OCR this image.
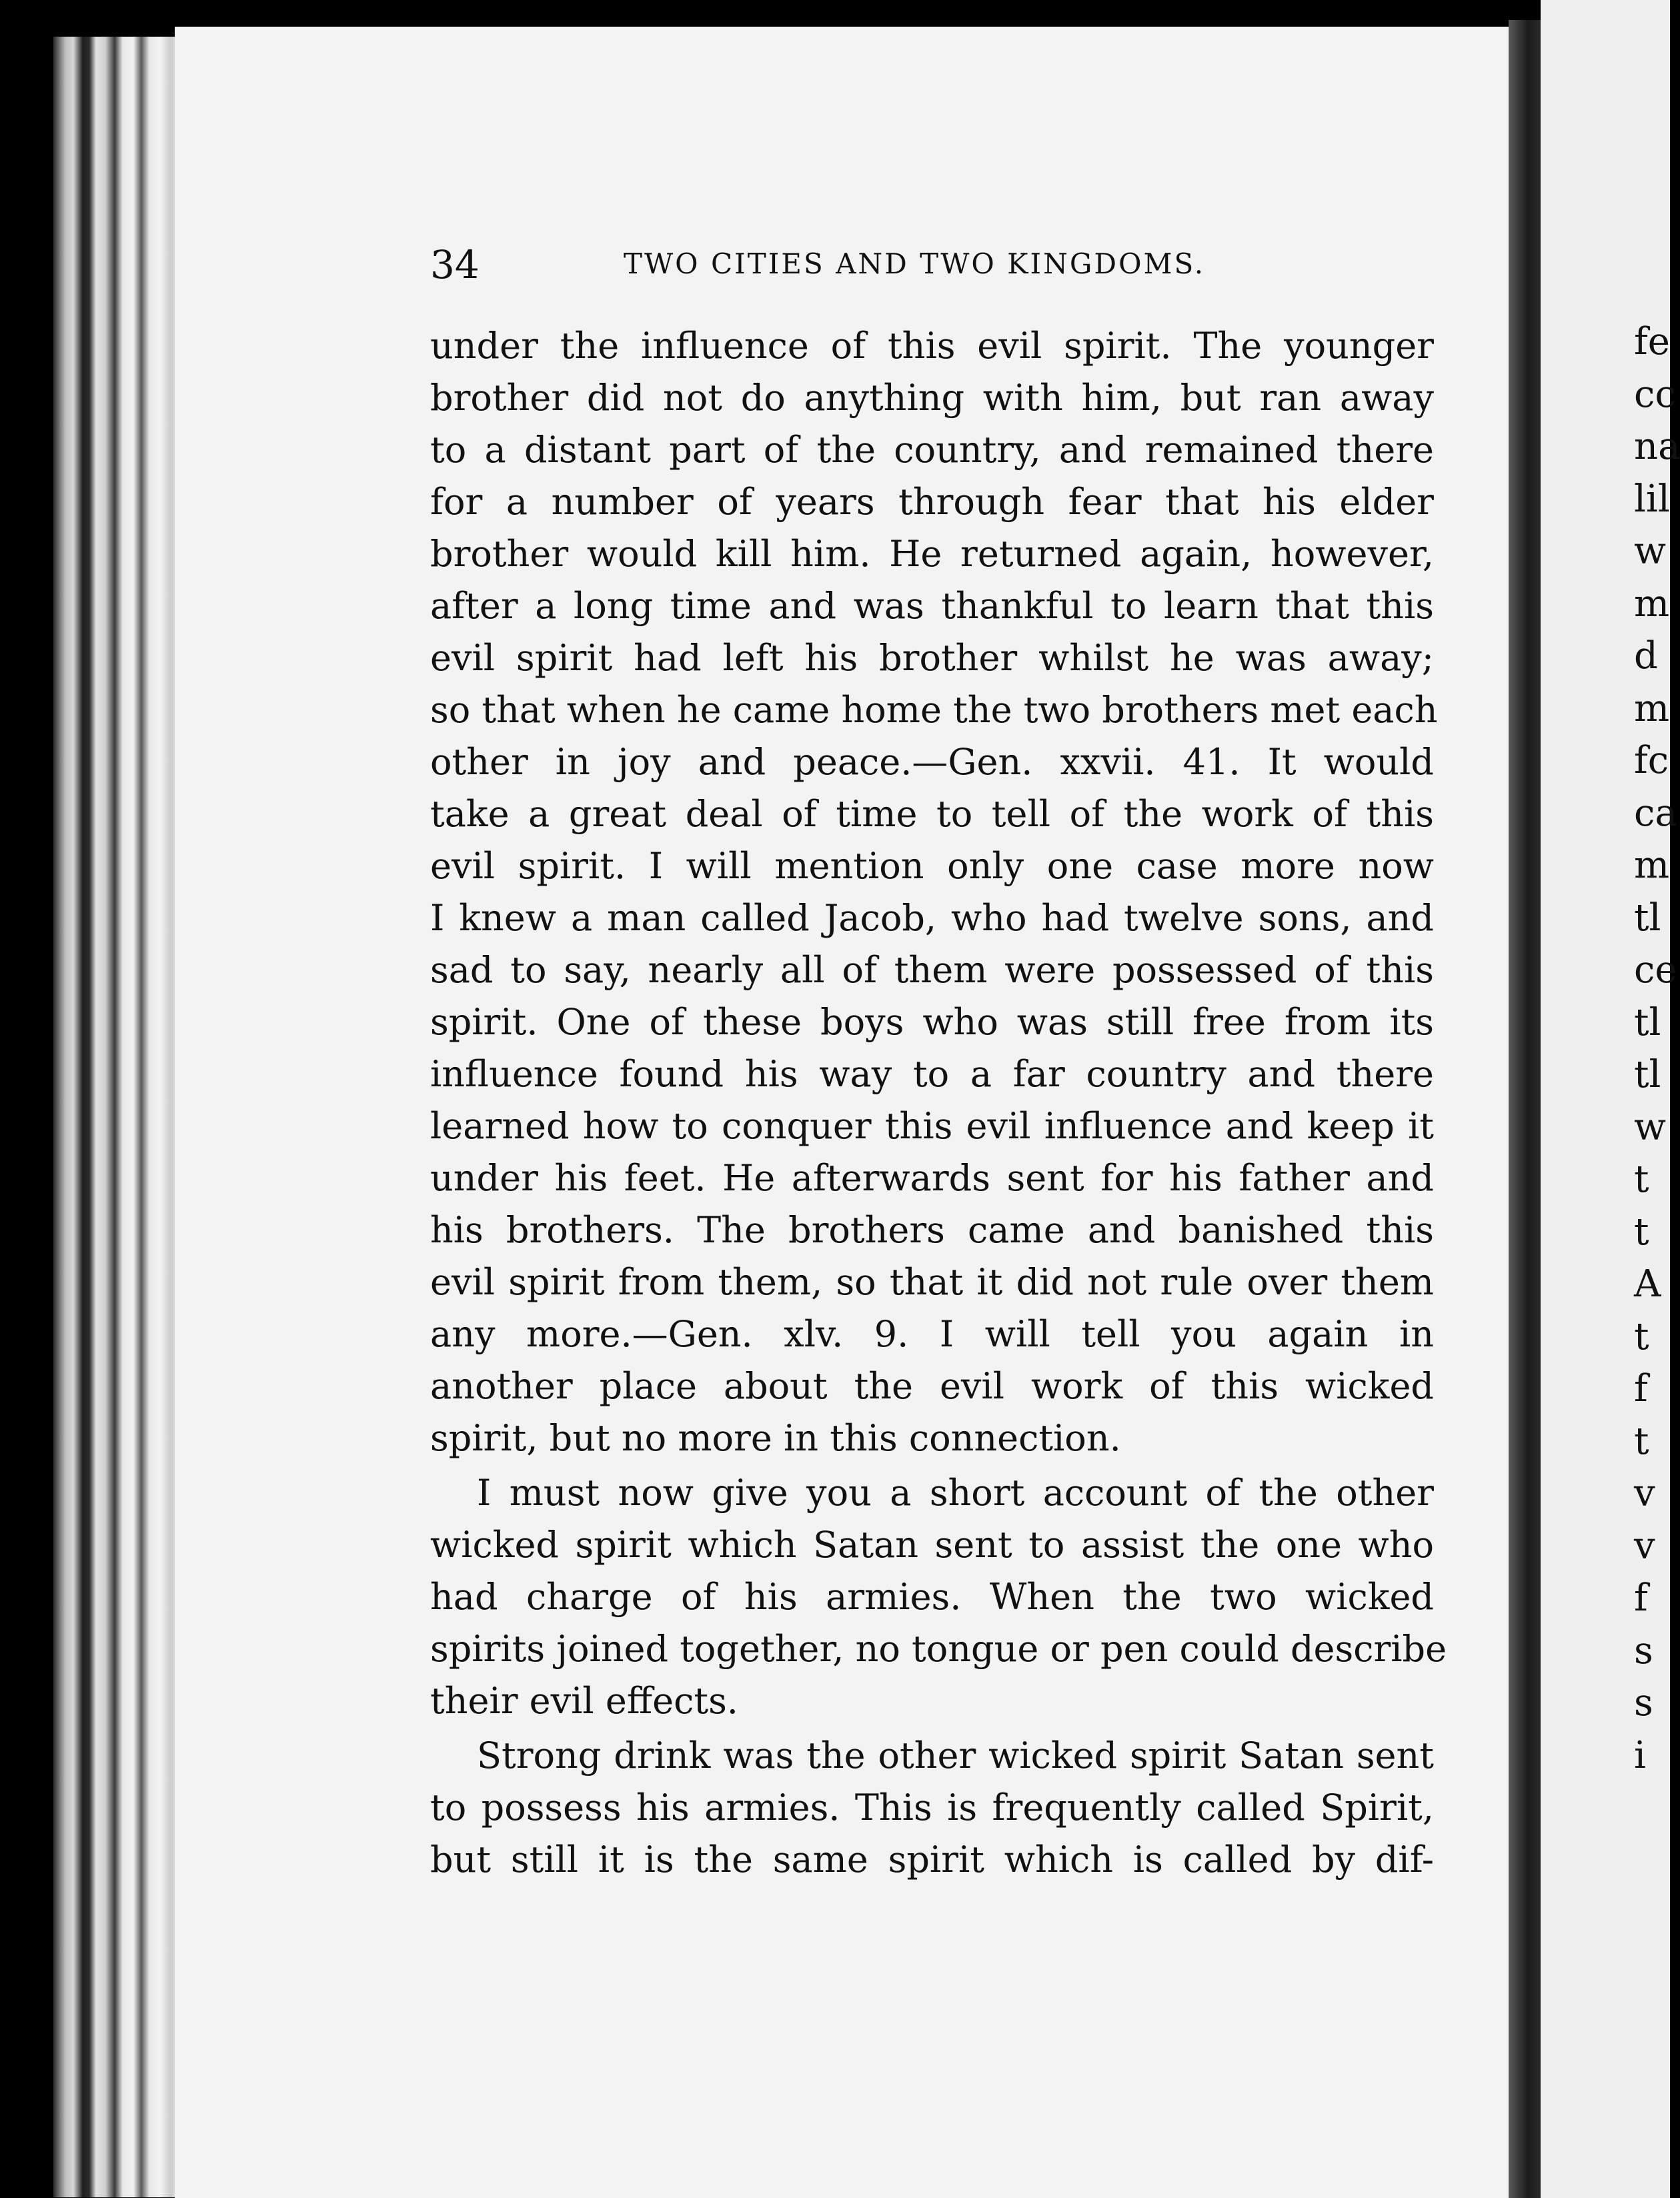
34	TWO CITIES AND TWO KINGDOMS.
under the influence of this evil spirit. The younger
brother did not do anything with him, but ran away
to a distant part of the country, and remained there
for a number of years through fear that his elder
brother would kill him. He returned again, however,
after a long time and was thankful to learn that this
evil spirit had left his brother whilst he was away;
so that when he came home the two brothers met each
other in joy and peace.—Gen. xxvii. 41. It would
take a great deal of time to tell of the work of this
evil spirit. I will mention only one case more now
I knew a man called Jacob, who had twelve sons, and
sad to say, nearly all of them were possessed of this
spirit. One of these boys who was still free from its
influence found his way to a far country and there
learned how to conquer this evil influence and keep it
under his feet. He afterwards sent for his father and
his brothers. The brothers came and banished this
evil spirit from them, so that it did not rule over them
any more.—Gen. xlv. 9. I will tell you again in
another place about the evil work of this wicked
spirit, but no more in this connection.
I must now give you a short account of the other
wicked spirit which Satan sent to assist the one who
had charge of his armies. When the two wicked
spirits joined together, no tongue or pen could describe
their evil effects.
Strong drink was the other wicked spirit Satan sent
to possess his armies. This is frequently called Spirit,
but still it is the same spirit which is called by dif-
fe
cc
na
lil
w
m
d
m
fc
ca
m
tl
ce
tl
tl
w
t
t
A
t
f
t
v
v
f
s
s
i
